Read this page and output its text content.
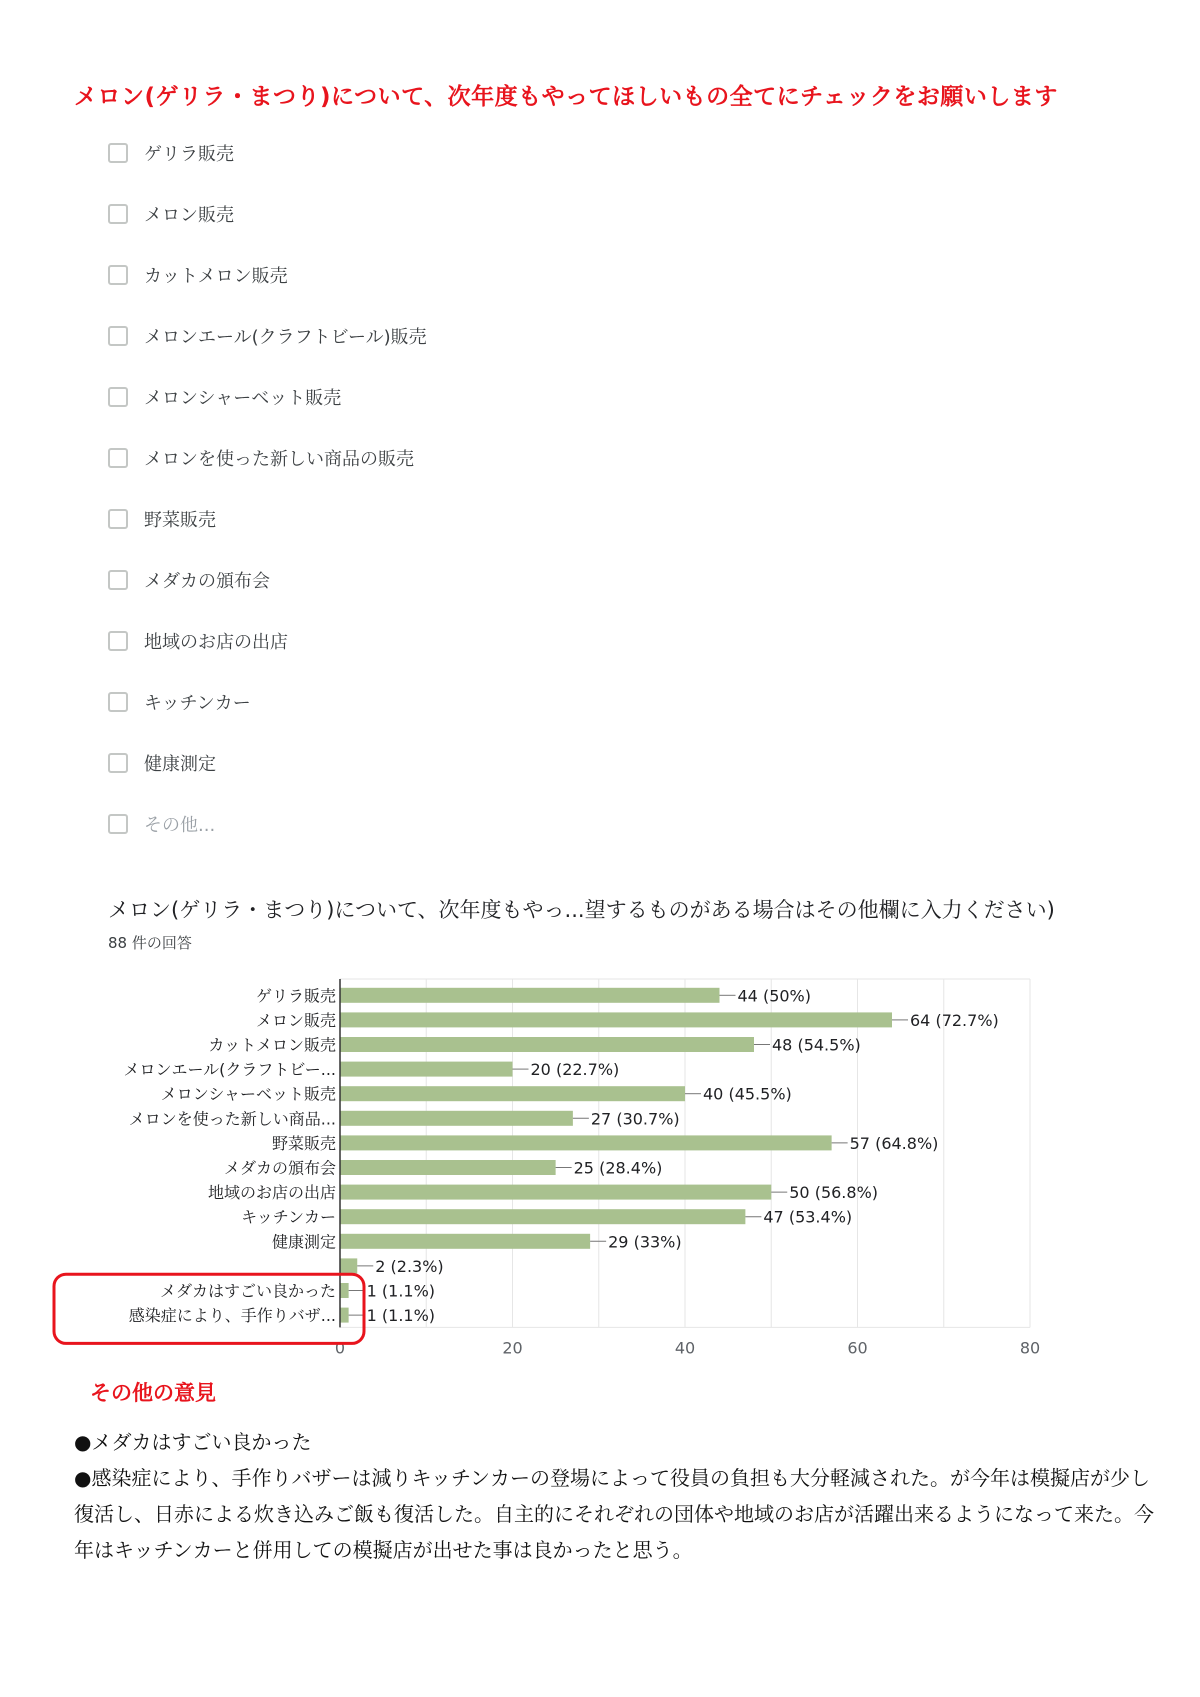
メロン(ゲリラ・まつり)について、次年度もやってほしいもの全てにチェックをお願いします
ゲリラ販売
メロン販売
カットメロン販売
メロンエール(クラフトビール)販売
メロンシャーベット販売
メロンを使った新しい商品の販売
野菜販売
メダカの頒布会
地域のお店の出店
キッチンカー
健康測定
その他...
メロン(ゲリラ・まつり)について、次年度もやっ...望するものがある場合はその他欄に入力ください)
88 件の回答
0	20	40	60	80
ゲリラ販売	44 (50%)
メロン販売	64 (72.7%)
カットメロン販売	48 (54.5%)
メロンエール(クラフトビー...	20 (22.7%)
メロンシャーベット販売	40 (45.5%)
メロンを使った新しい商品...	27 (30.7%)
野菜販売	57 (64.8%)
メダカの頒布会	25 (28.4%)
地域のお店の出店	50 (56.8%)
キッチンカー	47 (53.4%)
健康測定	29 (33%)
2 (2.3%)
メダカはすごい良かった 1 (1.1%)
感染症により、手作りバザ... 1 (1.1%)
その他の意見

●メダカはすごい良かった

●感染症により、手作りバザーは減りキッチンカーの登場によって役員の負担も大分軽減された。が今年は模擬店が少し復活し、日赤による炊き込みご飯も復活した。自主的にそれぞれの団体や地域のお店が活躍出来るようになって来た。今年はキッチンカーと併用しての模擬店が出せた事は良かったと思う。
